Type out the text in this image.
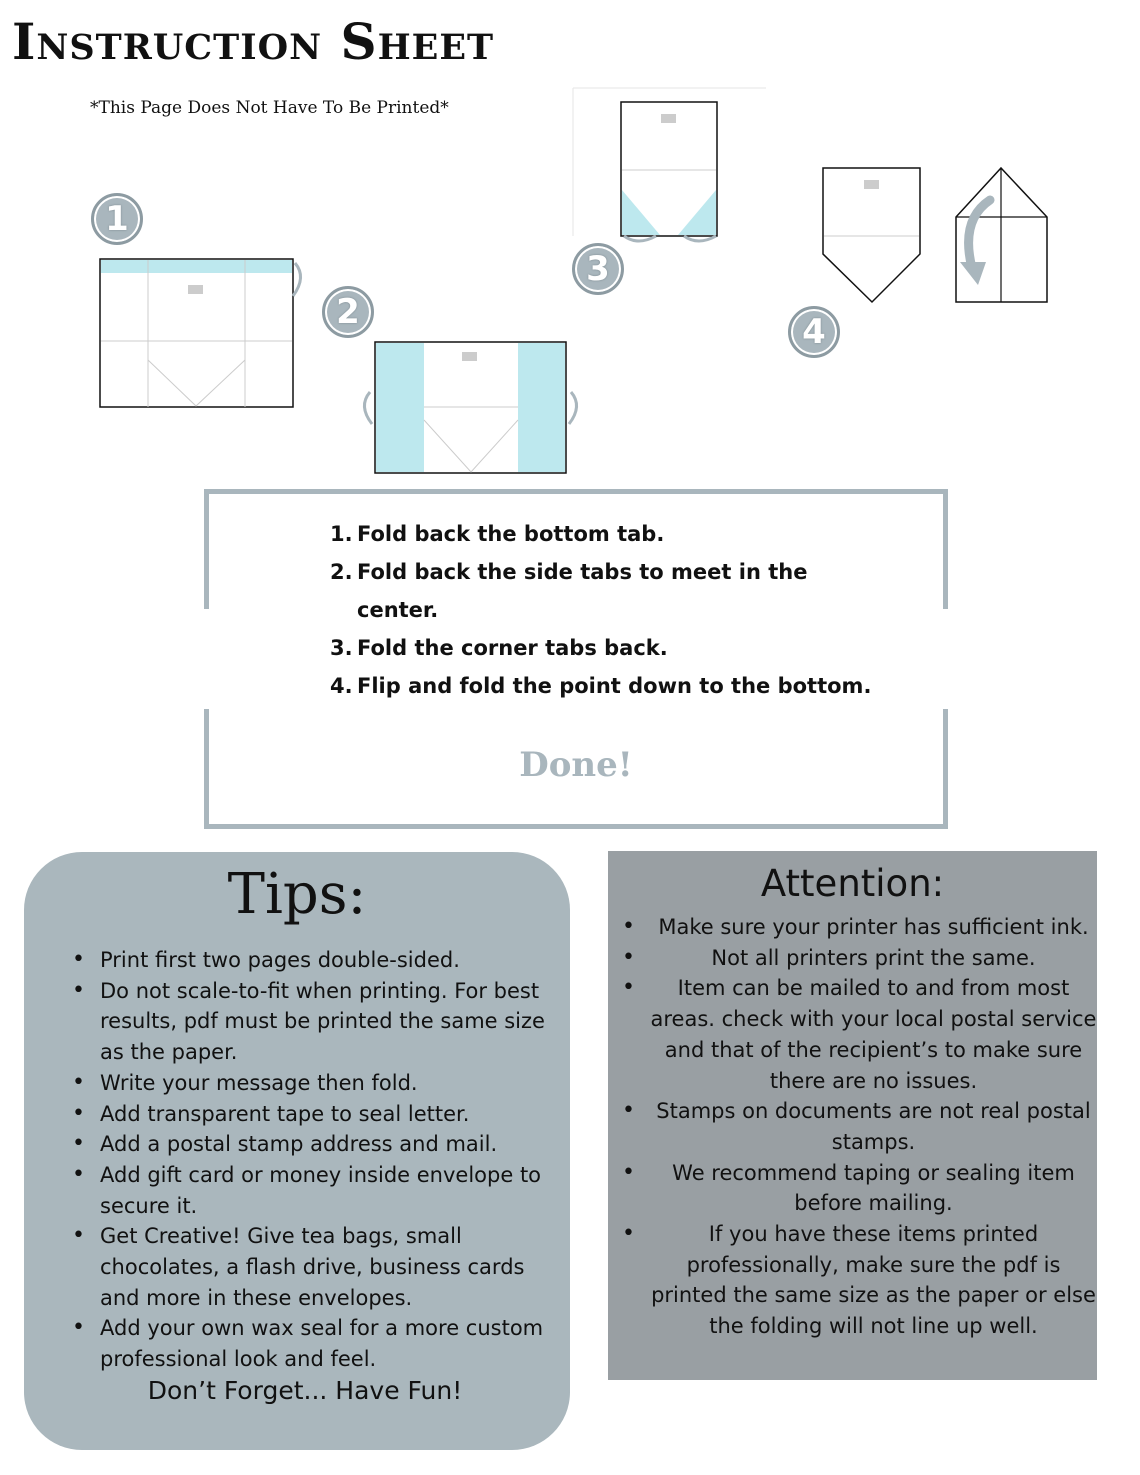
Instruction Sheet
*This Page Does Not Have To Be Printed*
1
2
3
4
1. Fold back the bottom tab.
2. Fold back the side tabs to meet in the center.
3. Fold the corner tabs back.
4. Flip and fold the point down to the bottom.
Done!
Tips:
• Print first two pages double-sided.
• Do not scale-to-fit when printing. For best results, pdf must be printed the same size as the paper.
• Write your message then fold.
• Add transparent tape to seal letter.
• Add a postal stamp address and mail.
• Add gift card or money inside envelope to secure it.
• Get Creative! Give tea bags, small chocolates, a flash drive, business cards and more in these envelopes.
• Add your own wax seal for a more custom professional look and feel.
Don’t Forget... Have Fun!
Attention:
• Make sure your printer has sufficient ink.
• Not all printers print the same.
• Item can be mailed to and from most areas. check with your local postal service and that of the recipient’s to make sure there are no issues.
• Stamps on documents are not real postal stamps.
• We recommend taping or sealing item before mailing.
• If you have these items printed professionally, make sure the pdf is printed the same size as the paper or else the folding will not line up well.
